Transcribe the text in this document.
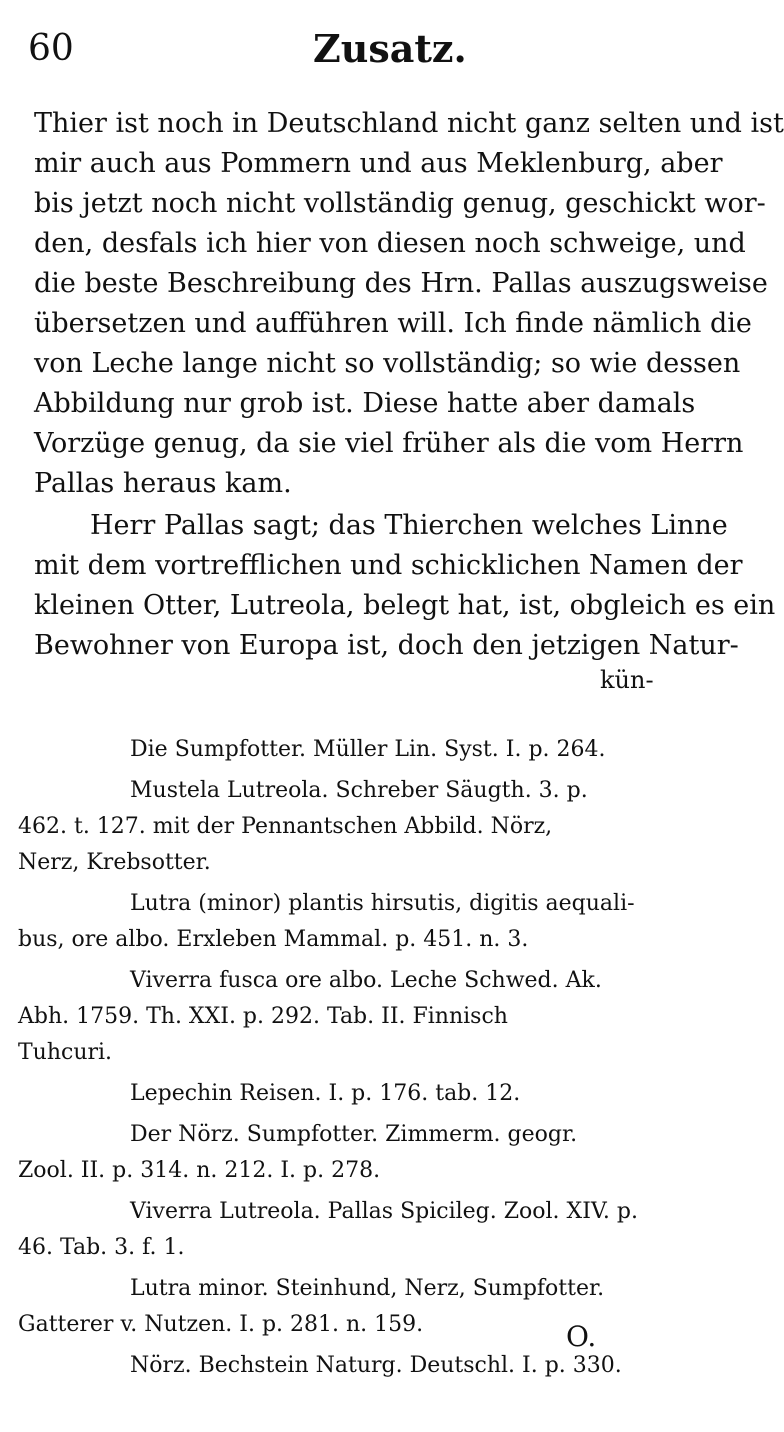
60	Zusatz.
Thier ist noch in Deutschland nicht ganz selten und ist
mir auch aus Pommern und aus Meklenburg, aber
bis jetzt noch nicht vollständig genug, geschickt wor-
den, desfals ich hier von diesen noch schweige, und
die beste Beschreibung des Hrn. Pallas auszugsweise
übersetzen und aufführen will. Ich finde nämlich die
von Leche lange nicht so vollständig; so wie dessen
Abbildung nur grob ist. Diese hatte aber damals
Vorzüge genug, da sie viel früher als die vom Herrn
Pallas heraus kam.
Herr Pallas sagt; das Thierchen welches Linne
mit dem vortrefflichen und schicklichen Namen der
kleinen Otter, Lutreola, belegt hat, ist, obgleich es ein
Bewohner von Europa ist, doch den jetzigen Natur-
kün-
Die Sumpfotter. Müller Lin. Syst. I. p. 264.
Mustela Lutreola. Schreber Säugth. 3. p.
462. t. 127. mit der Pennantschen Abbild. Nörz,
Nerz, Krebsotter.
Lutra (minor) plantis hirsutis, digitis aequali-
bus, ore albo. Erxleben Mammal. p. 451. n. 3.
Viverra fusca ore albo. Leche Schwed. Ak.
Abh. 1759. Th. XXI. p. 292. Tab. II. Finnisch
Tuhcuri.
Lepechin Reisen. I. p. 176. tab. 12.
Der Nörz. Sumpfotter. Zimmerm. geogr.
Zool. II. p. 314. n. 212. I. p. 278.
Viverra Lutreola. Pallas Spicileg. Zool. XIV. p.
46. Tab. 3. f. 1.
Lutra minor. Steinhund, Nerz, Sumpfotter.
Gatterer v. Nutzen. I. p. 281. n. 159.
Nörz. Bechstein Naturg. Deutschl. I. p. 330.
O.
